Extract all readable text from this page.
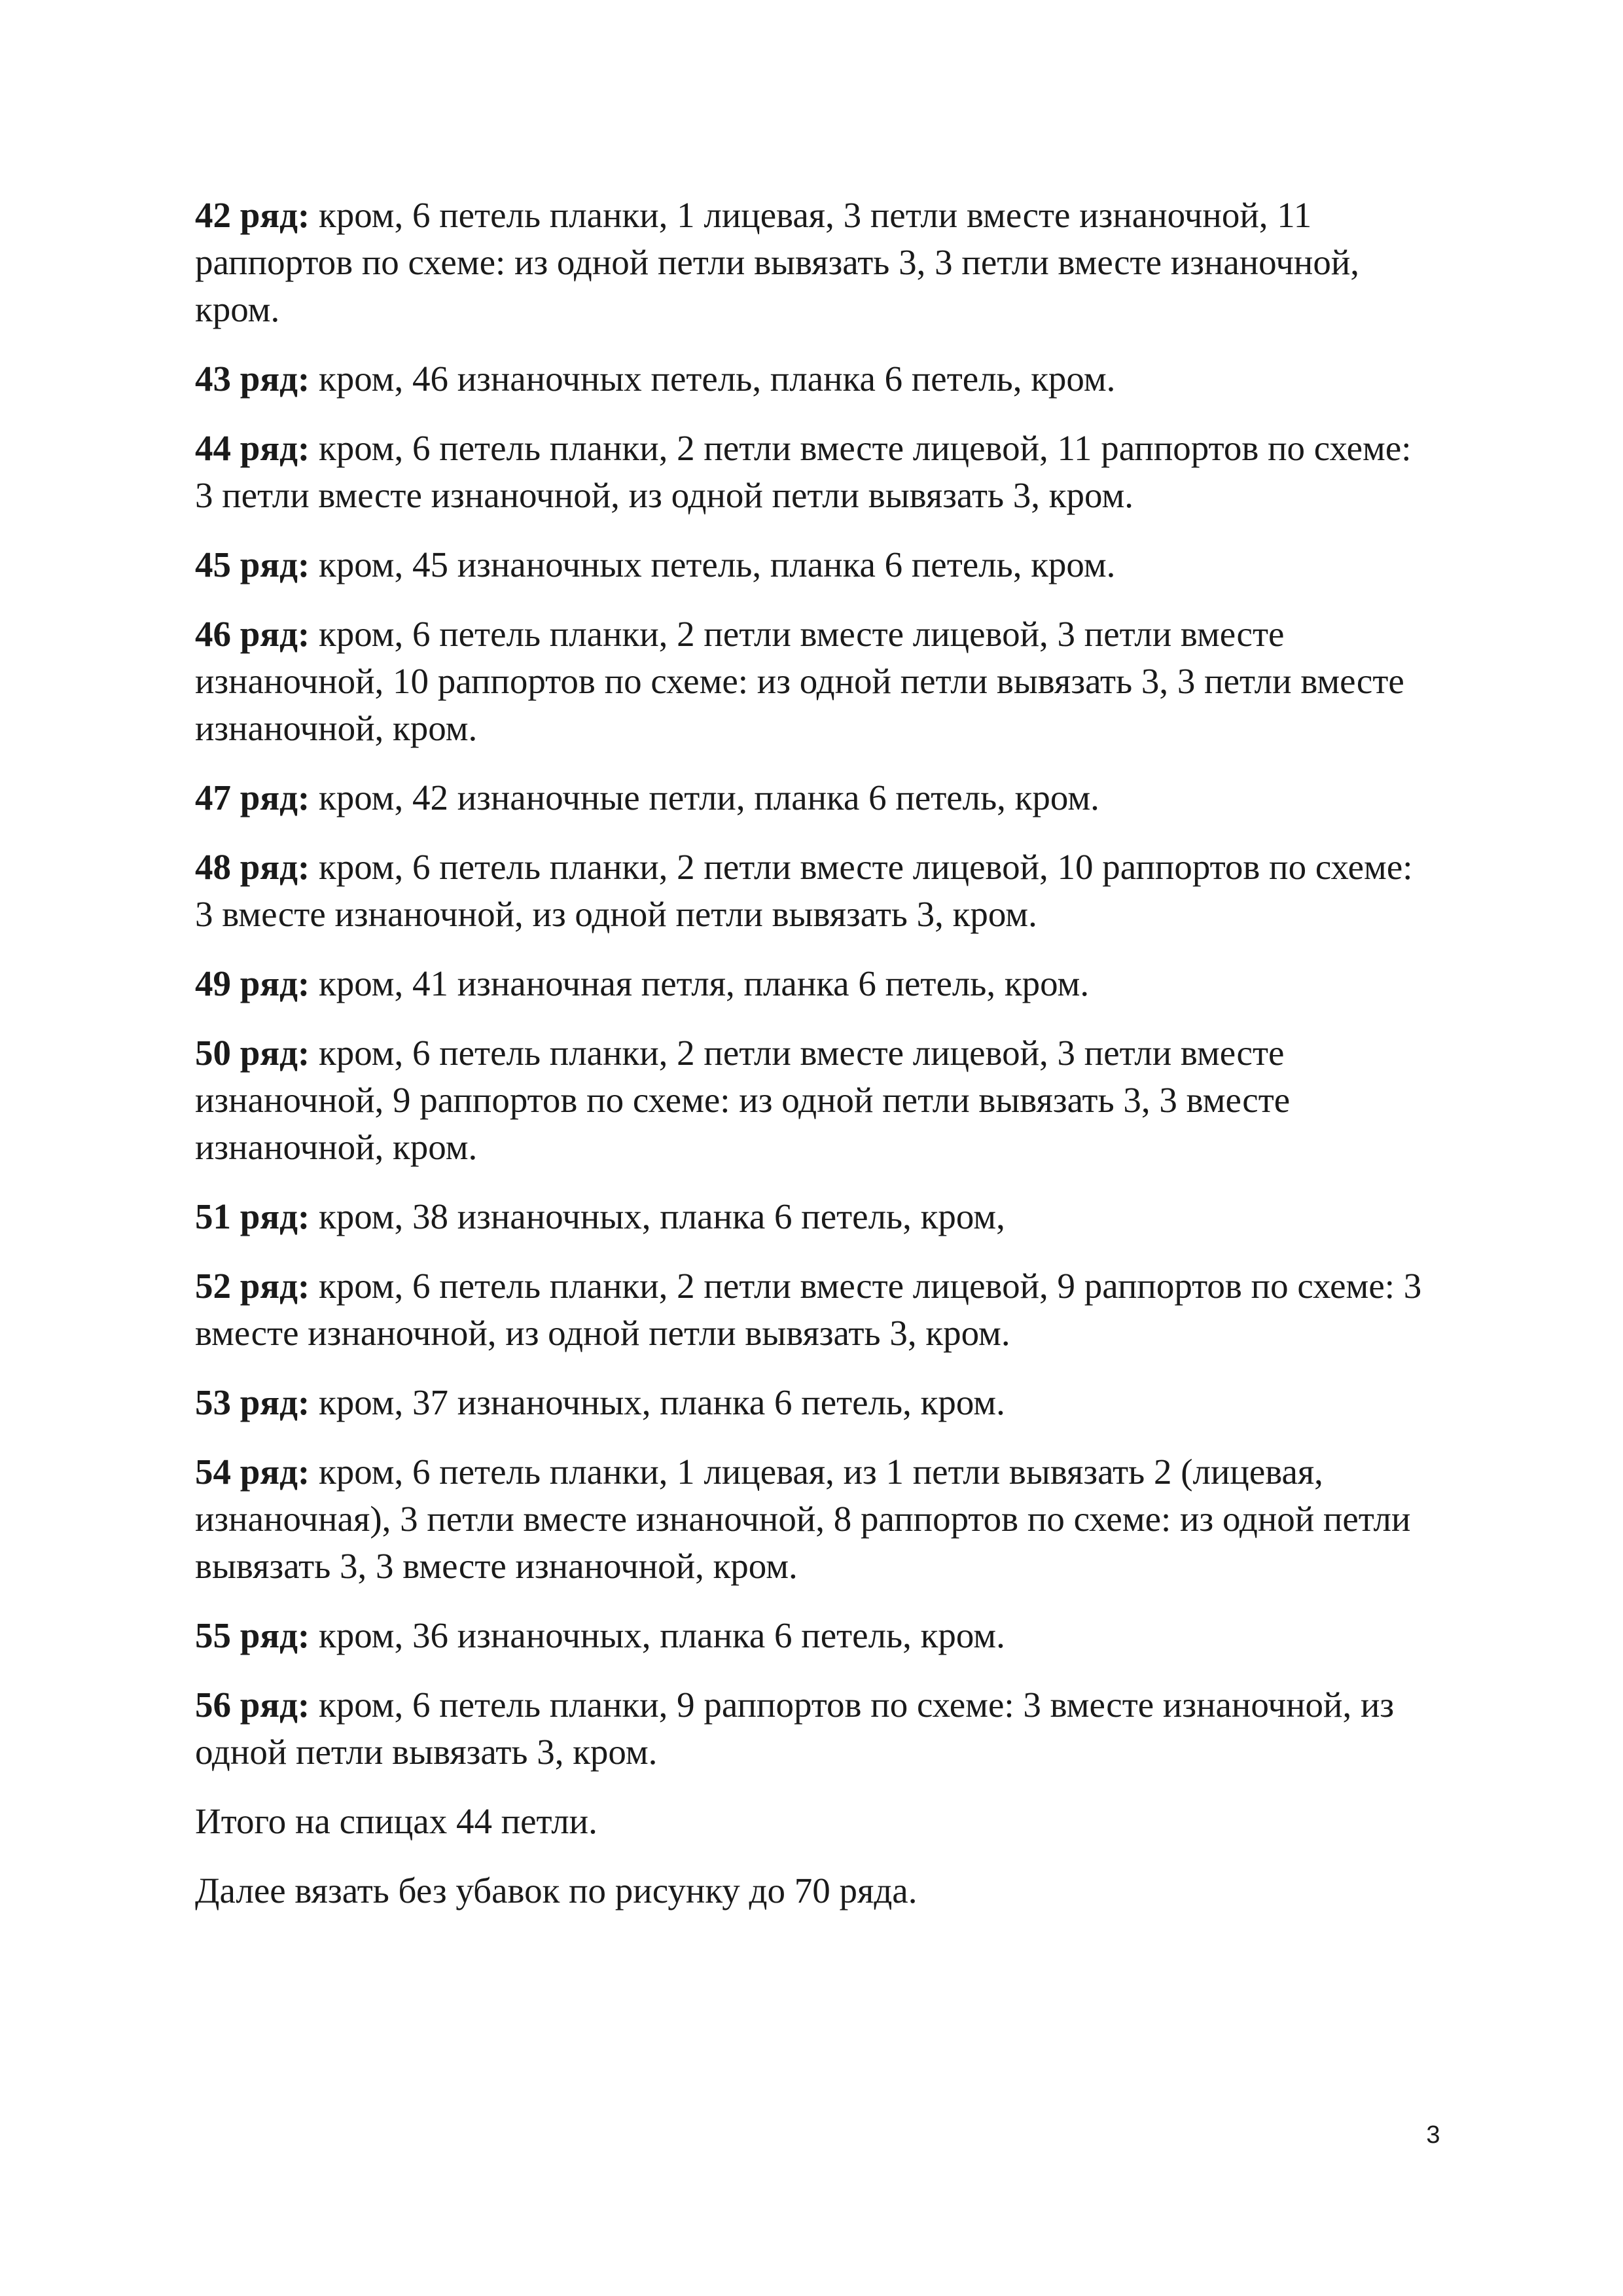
42 ряд: кром, 6 петель планки, 1 лицевая, 3 петли вместе изнаночной, 11 раппортов по схеме: из одной петли вывязать 3, 3 петли вместе изнаночной, кром.

43 ряд: кром, 46 изнаночных петель, планка 6 петель, кром.

44 ряд: кром, 6 петель планки, 2 петли вместе лицевой, 11 раппортов по схеме: 3 петли вместе изнаночной, из одной петли вывязать 3, кром.

45 ряд: кром, 45 изнаночных петель, планка 6 петель, кром.

46 ряд: кром, 6 петель планки, 2 петли вместе лицевой, 3 петли вместе изнаночной, 10 раппортов по схеме: из одной петли вывязать 3, 3 петли вместе изнаночной, кром.

47 ряд: кром, 42 изнаночные петли, планка 6 петель, кром.

48 ряд: кром, 6 петель планки, 2 петли вместе лицевой, 10 раппортов по схеме: 3 вместе изнаночной, из одной петли вывязать 3, кром.

49 ряд: кром, 41 изнаночная петля, планка 6 петель, кром.

50 ряд: кром, 6 петель планки, 2 петли вместе лицевой, 3 петли вместе изнаночной, 9 раппортов по схеме: из одной петли вывязать 3, 3 вместе изнаночной, кром.

51 ряд: кром, 38 изнаночных, планка 6 петель, кром,

52 ряд: кром, 6 петель планки, 2 петли вместе лицевой, 9 раппортов по схеме: 3 вместе изнаночной, из одной петли вывязать 3, кром.

53 ряд: кром, 37 изнаночных, планка 6 петель, кром.

54 ряд: кром, 6 петель планки, 1 лицевая, из 1 петли вывязать 2 (лицевая, изнаночная), 3 петли вместе изнаночной, 8 раппортов по схеме: из одной петли вывязать 3, 3 вместе изнаночной, кром.

55 ряд: кром, 36 изнаночных, планка 6 петель, кром.

56 ряд: кром, 6 петель планки, 9 раппортов по схеме: 3 вместе изнаночной, из одной петли вывязать 3, кром.

Итого на спицах 44 петли.

Далее вязать без убавок по рисунку до 70 ряда.

3
